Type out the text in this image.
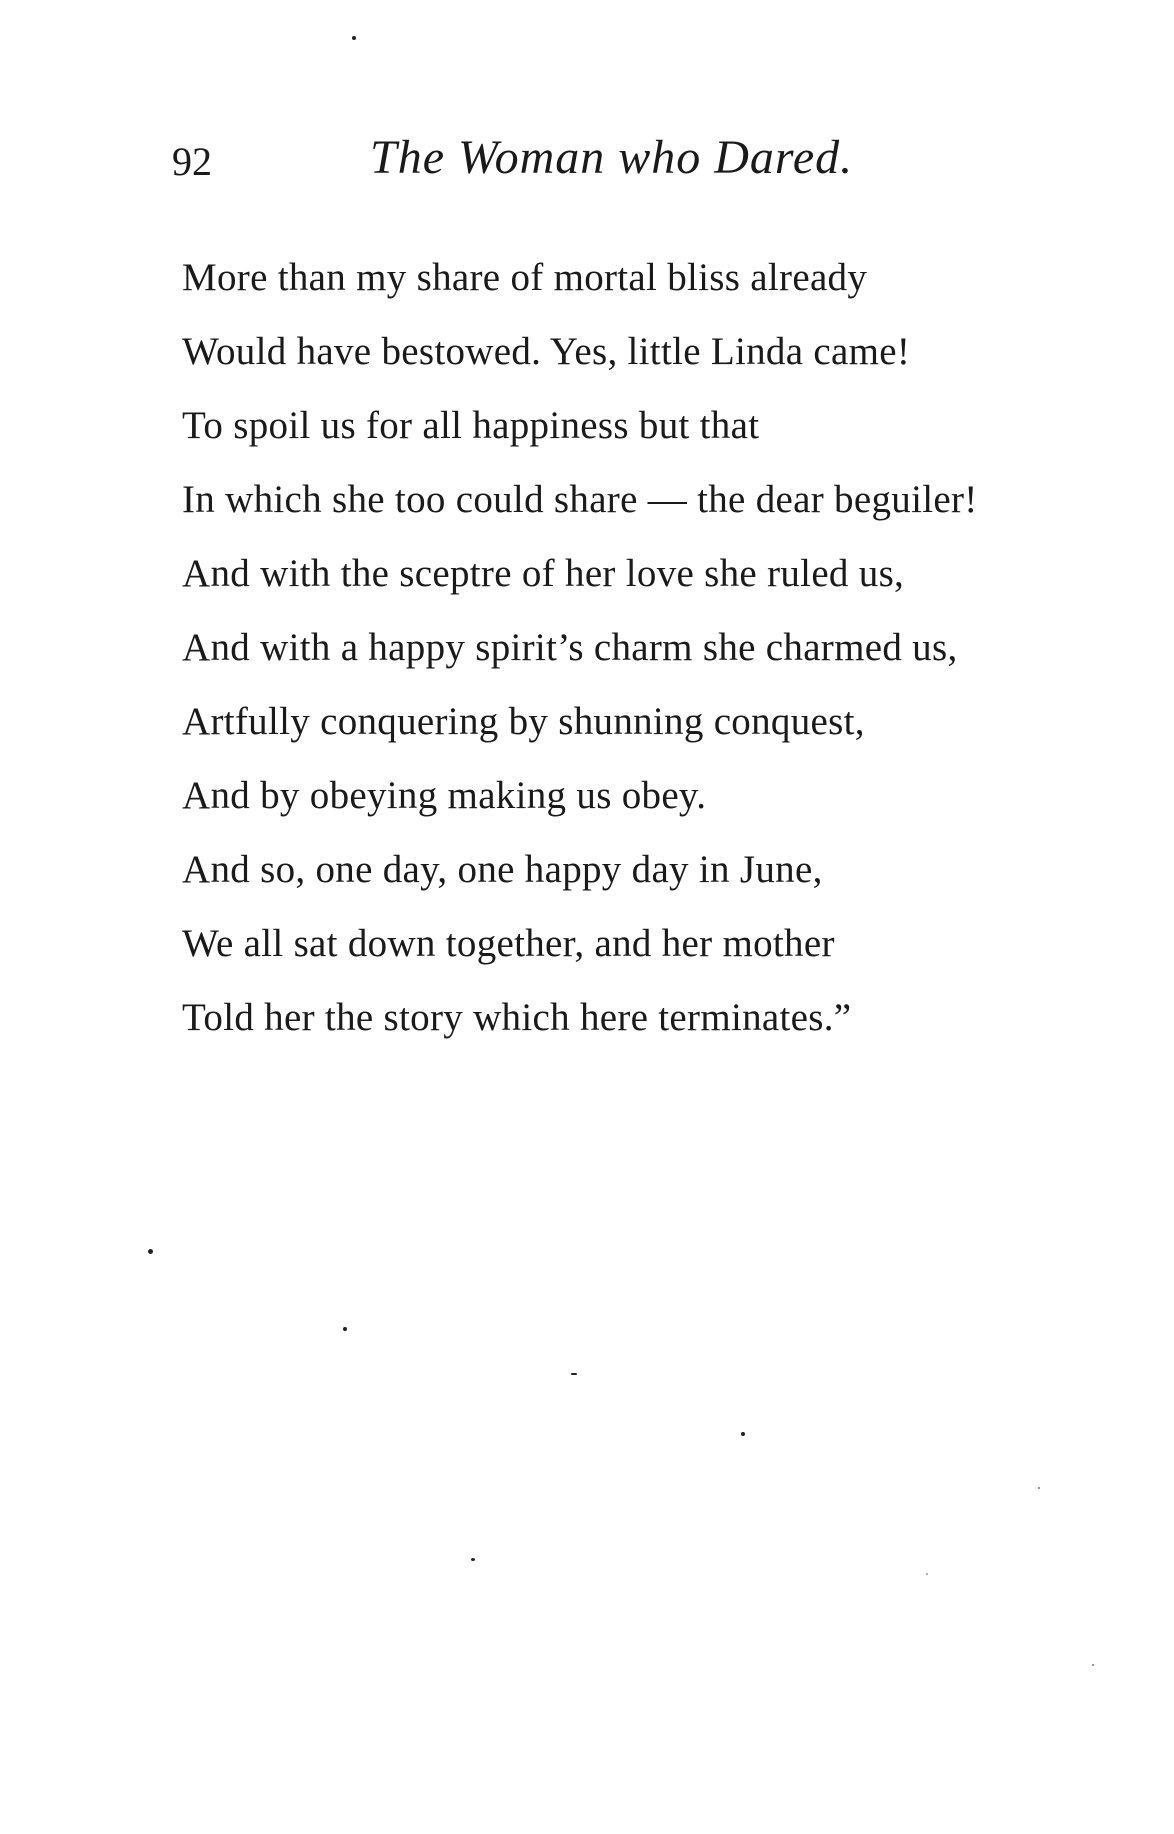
92	The Woman who Dared.
More than my share of mortal bliss already
Would have bestowed. Yes, little Linda came!
To spoil us for all happiness but that
In which she too could share — the dear beguiler!
And with the sceptre of her love she ruled us,
And with a happy spirit’s charm she charmed us,
Artfully conquering by shunning conquest,
And by obeying making us obey.
And so, one day, one happy day in June,
We all sat down together, and her mother
Told her the story which here terminates.”
